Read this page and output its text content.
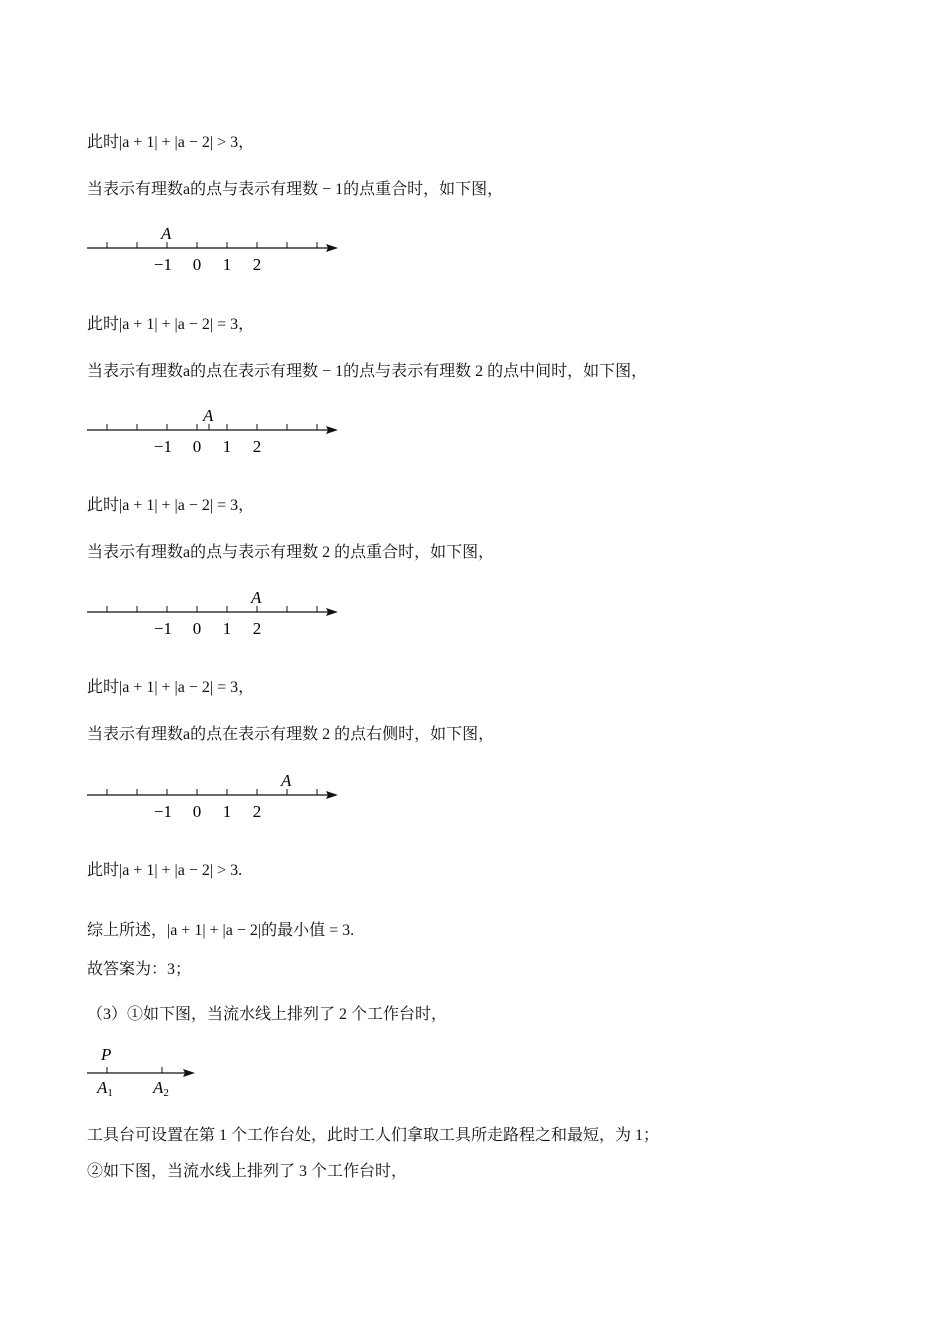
此时|a + 1| + |a − 2| > 3，
当表示有理数a的点与表示有理数 − 1的点重合时，如下图，
A
−1 0 1 2
此时|a + 1| + |a − 2| = 3，
当表示有理数a的点在表示有理数 − 1的点与表示有理数 2 的点中间时，如下图，
A
−1 0 1 2
此时|a + 1| + |a − 2| = 3，
当表示有理数a的点与表示有理数 2 的点重合时，如下图，
A
−1 0 1 2
此时|a + 1| + |a − 2| = 3，
当表示有理数a的点在表示有理数 2 的点右侧时，如下图，
A
−1 0 1 2
此时|a + 1| + |a − 2| > 3.
综上所述，|a + 1| + |a − 2|的最小值 = 3.
故答案为：3；
（3）①如下图，当流水线上排列了 2 个工作台时，
P
A1 A2
工具台可设置在第 1 个工作台处，此时工人们拿取工具所走路程之和最短，为 1；
②如下图，当流水线上排列了 3 个工作台时，
